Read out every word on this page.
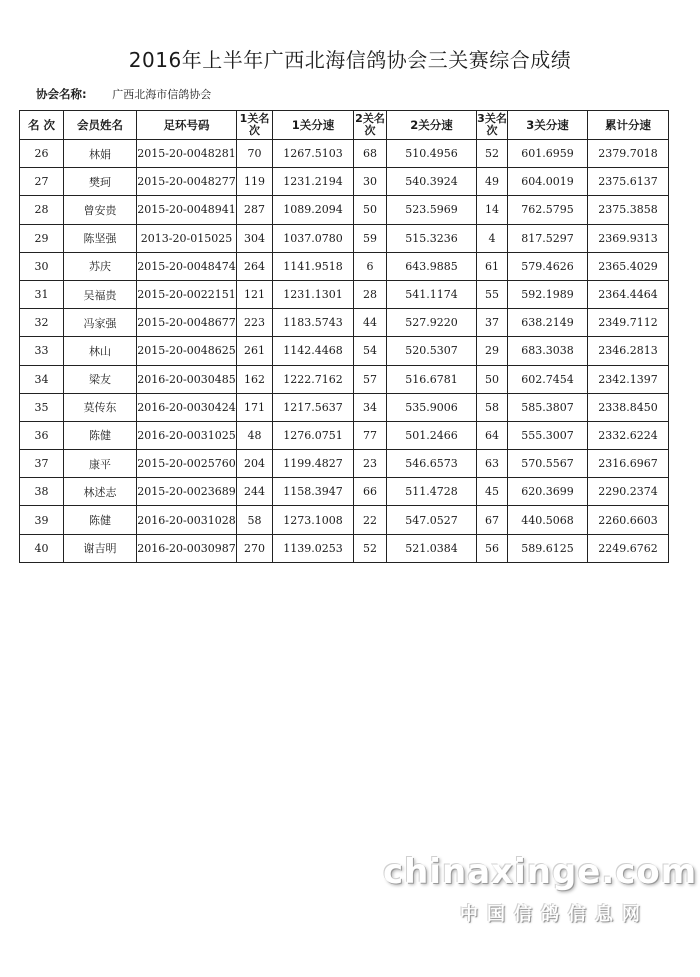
2016年上半年广西北海信鸽协会三关赛综合成绩
协会名称: 广西北海市信鸽协会
名 次	会员姓名	足环号码	1关名次	1关分速	2关名次	2关分速	3关名次	3关分速	累计分速
26	林娟	2015-20-0048281	70	1267.5103	68	510.4956	52	601.6959	2379.7018
27	樊珂	2015-20-0048277	119	1231.2194	30	540.3924	49	604.0019	2375.6137
28	曾安贵	2015-20-0048941	287	1089.2094	50	523.5969	14	762.5795	2375.3858
29	陈坚强	2013-20-015025	304	1037.0780	59	515.3236	4	817.5297	2369.9313
30	苏庆	2015-20-0048474	264	1141.9518	6	643.9885	61	579.4626	2365.4029
31	吴福贵	2015-20-0022151	121	1231.1301	28	541.1174	55	592.1989	2364.4464
32	冯家强	2015-20-0048677	223	1183.5743	44	527.9220	37	638.2149	2349.7112
33	林山	2015-20-0048625	261	1142.4468	54	520.5307	29	683.3038	2346.2813
34	梁友	2016-20-0030485	162	1222.7162	57	516.6781	50	602.7454	2342.1397
35	莫传东	2016-20-0030424	171	1217.5637	34	535.9006	58	585.3807	2338.8450
36	陈健	2016-20-0031025	48	1276.0751	77	501.2466	64	555.3007	2332.6224
37	康平	2015-20-0025760	204	1199.4827	23	546.6573	63	570.5567	2316.6967
38	林述志	2015-20-0023689	244	1158.3947	66	511.4728	45	620.3699	2290.2374
39	陈健	2016-20-0031028	58	1273.1008	22	547.0527	67	440.5068	2260.6603
40	谢吉明	2016-20-0030987	270	1139.0253	52	521.0384	56	589.6125	2249.6762
chinaxinge.com
中国信鸽信息网
